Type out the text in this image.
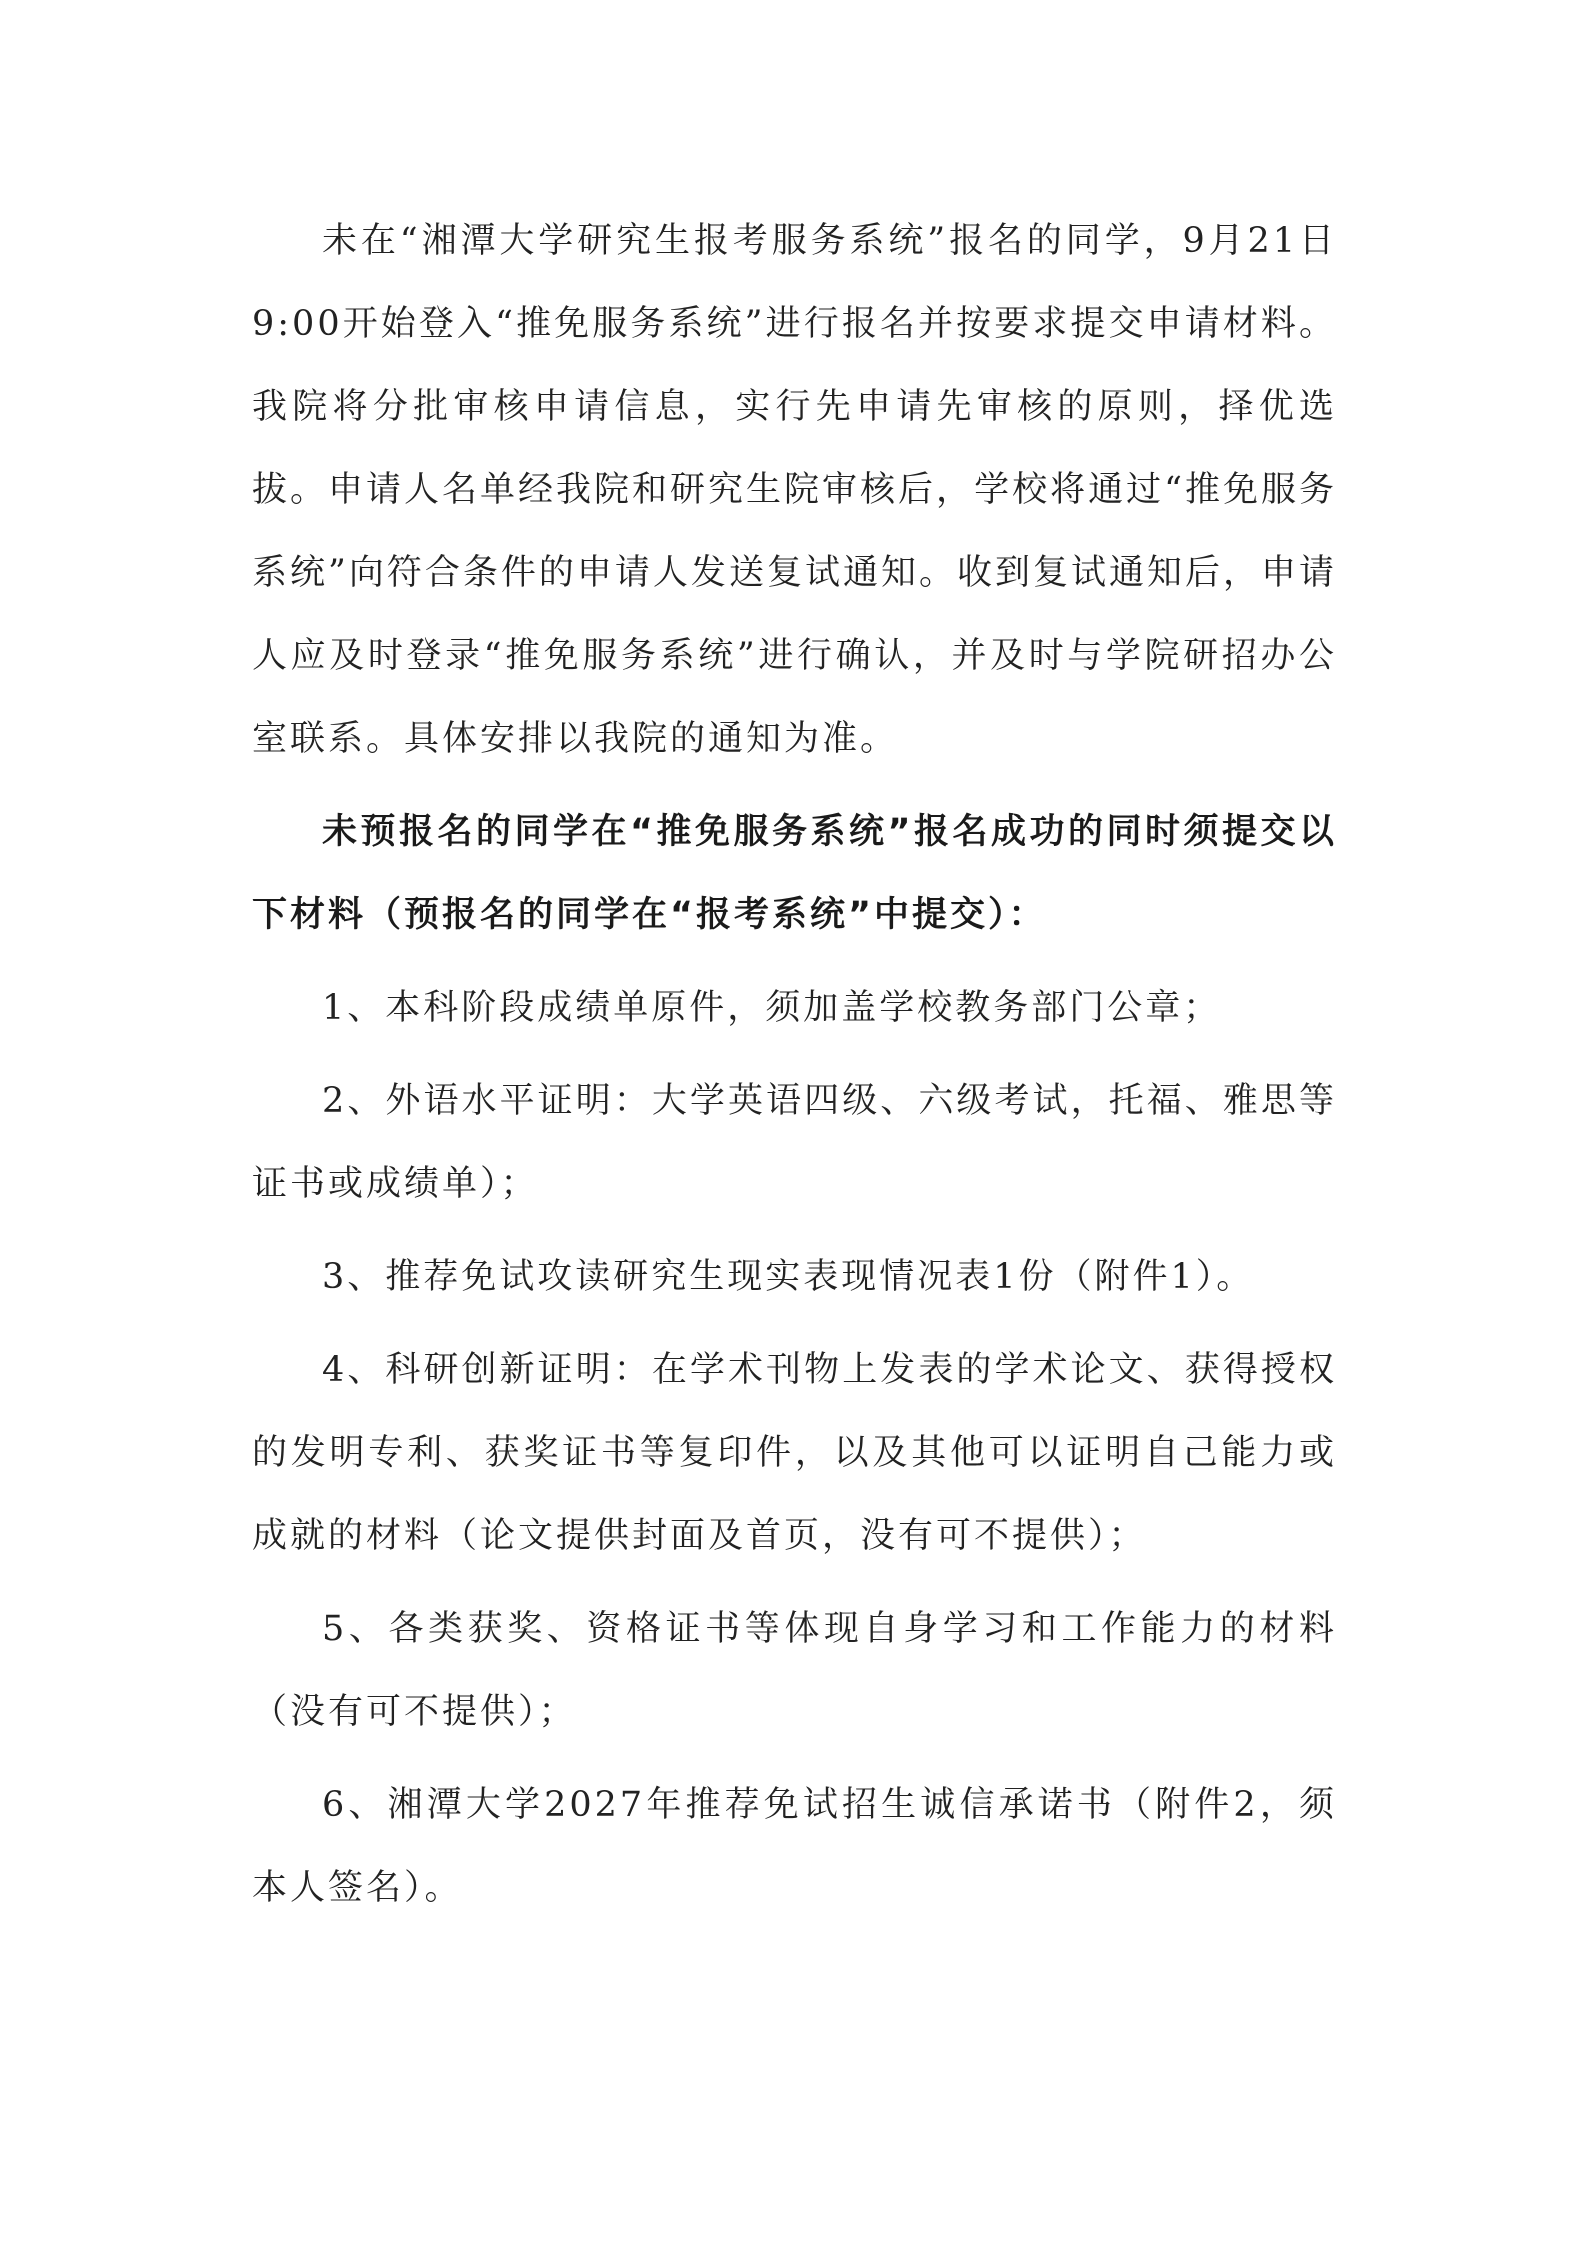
未在“湘潭大学研究生报考服务系统”报名的同学，9月21日9:00开始登入“推免服务系统”进行报名并按要求提交申请材料。我院将分批审核申请信息，实行先申请先审核的原则，择优选拔。申请人名单经我院和研究生院审核后，学校将通过“推免服务系统”向符合条件的申请人发送复试通知。收到复试通知后，申请人应及时登录“推免服务系统”进行确认，并及时与学院研招办公室联系。具体安排以我院的通知为准。

未预报名的同学在“推免服务系统”报名成功的同时须提交以下材料（预报名的同学在“报考系统”中提交）：

1、本科阶段成绩单原件，须加盖学校教务部门公章；

2、外语水平证明：大学英语四级、六级考试，托福、雅思等证书或成绩单）；

3、推荐免试攻读研究生现实表现情况表1份（附件1）。

4、科研创新证明：在学术刊物上发表的学术论文、获得授权的发明专利、获奖证书等复印件，以及其他可以证明自己能力或成就的材料（论文提供封面及首页，没有可不提供）；

5、各类获奖、资格证书等体现自身学习和工作能力的材料（没有可不提供）；

6、湘潭大学2027年推荐免试招生诚信承诺书（附件2，须本人签名）。
